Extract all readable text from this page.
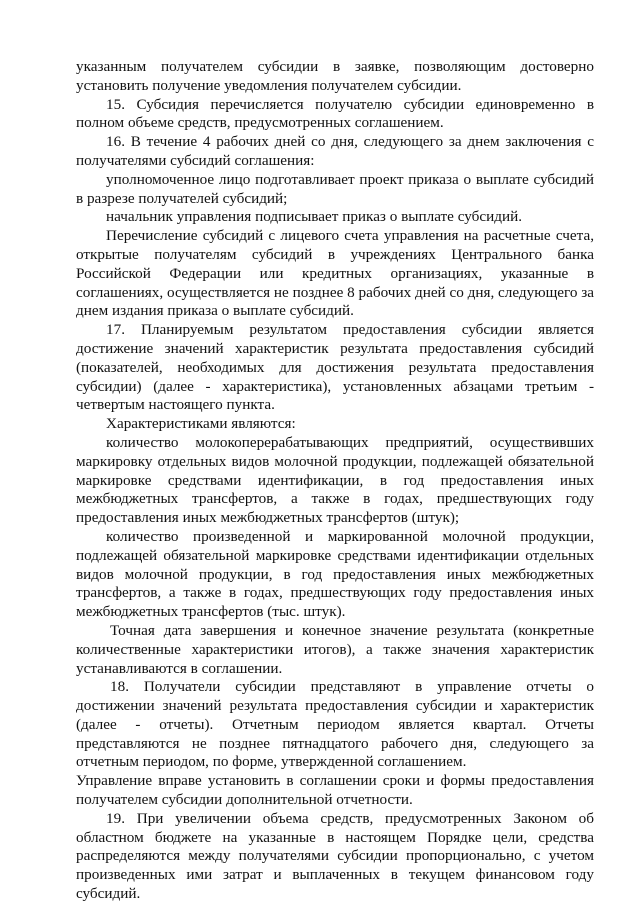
указанным получателем субсидии в заявке, позволяющим достоверно установить получение уведомления получателем субсидии.

15. Субсидия перечисляется получателю субсидии единовременно в полном объеме средств, предусмотренных соглашением.

16. В течение 4 рабочих дней со дня, следующего за днем заключения с получателями субсидий соглашения:

уполномоченное лицо подготавливает проект приказа о выплате субсидий в разрезе получателей субсидий;

начальник управления подписывает приказ о выплате субсидий.

Перечисление субсидий с лицевого счета управления на расчетные счета, открытые получателям субсидий в учреждениях Центрального банка Российской Федерации или кредитных организациях, указанные в соглашениях, осуществляется не позднее 8 рабочих дней со дня, следующего за днем издания приказа о выплате субсидий.

17. Планируемым результатом предоставления субсидии является достижение значений характеристик результата предоставления субсидий (показателей, необходимых для достижения результата предоставления субсидии) (далее - характеристика), установленных абзацами третьим - четвертым настоящего пункта.

Характеристиками являются:

количество молокоперерабатывающих предприятий, осуществивших маркировку отдельных видов молочной продукции, подлежащей обязательной маркировке средствами идентификации, в год предоставления иных межбюджетных трансфертов, а также в годах, предшествующих году предоставления иных межбюджетных трансфертов (штук);

количество произведенной и маркированной молочной продукции, подлежащей обязательной маркировке средствами идентификации отдельных видов молочной продукции, в год предоставления иных межбюджетных трансфертов, а также в годах, предшествующих году предоставления иных межбюджетных трансфертов (тыс. штук).

Точная дата завершения и конечное значение результата (конкретные количественные характеристики итогов), а также значения характеристик устанавливаются в соглашении.

18. Получатели субсидии представляют в управление отчеты о достижении значений результата предоставления субсидии и характеристик (далее - отчеты). Отчетным периодом является квартал. Отчеты представляются не позднее пятнадцатого рабочего дня, следующего за отчетным периодом, по форме, утвержденной соглашением.

Управление вправе установить в соглашении сроки и формы предоставления получателем субсидии дополнительной отчетности.

19. При увеличении объема средств, предусмотренных Законом об областном бюджете на указанные в настоящем Порядке цели, средства распределяются между получателями субсидии пропорционально, с учетом произведенных ими затрат и выплаченных в текущем финансовом году субсидий.
